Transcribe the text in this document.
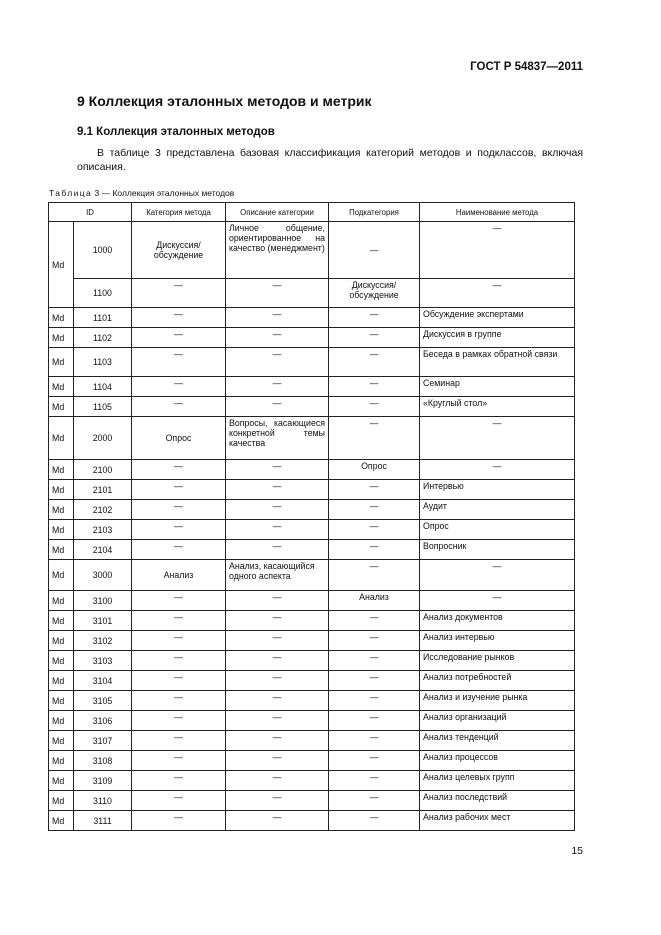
ГОСТ Р 54837—2011
9 Коллекция эталонных методов и метрик
9.1 Коллекция эталонных методов
В таблице 3 представлена базовая классификация категорий методов и подклассов, включая описания.
Таблица 3 — Коллекция эталонных методов
ID		Категория метода	Описание категории	Подкатегория	Наименование метода
Md	1000	Дискуссия/ обсуждение	Личное общение, ориентированное на качество (менеджмент)	—	—
	1100	—	—	Дискуссия/ обсуждение	—
Md	1101	—	—	—	Обсуждение экспертами
Md	1102	—	—	—	Дискуссия в группе
Md	1103	—	—	—	Беседа в рамках обратной связи
Md	1104	—	—	—	Семинар
Md	1105	—	—	—	«Круглый стол»
Md	2000	Опрос	Вопросы, касающиеся конкретной темы качества	—	—
Md	2100	—	—	Опрос	—
Md	2101	—	—	—	Интервью
Md	2102	—	—	—	Аудит
Md	2103	—	—	—	Опрос
Md	2104	—	—	—	Вопросник
Md	3000	Анализ	Анализ, касающийся одного аспекта	—	—
Md	3100	—	—	Анализ	—
Md	3101	—	—	—	Анализ документов
Md	3102	—	—	—	Анализ интервью
Md	3103	—	—	—	Исследование рынков
Md	3104	—	—	—	Анализ потребностей
Md	3105	—	—	—	Анализ и изучение рынка
Md	3106	—	—	—	Анализ организаций
Md	3107	—	—	—	Анализ тенденций
Md	3108	—	—	—	Анализ процессов
Md	3109	—	—	—	Анализ целевых групп
Md	3110	—	—	—	Анализ последствий
Md	3111	—	—	—	Анализ рабочих мест
15
